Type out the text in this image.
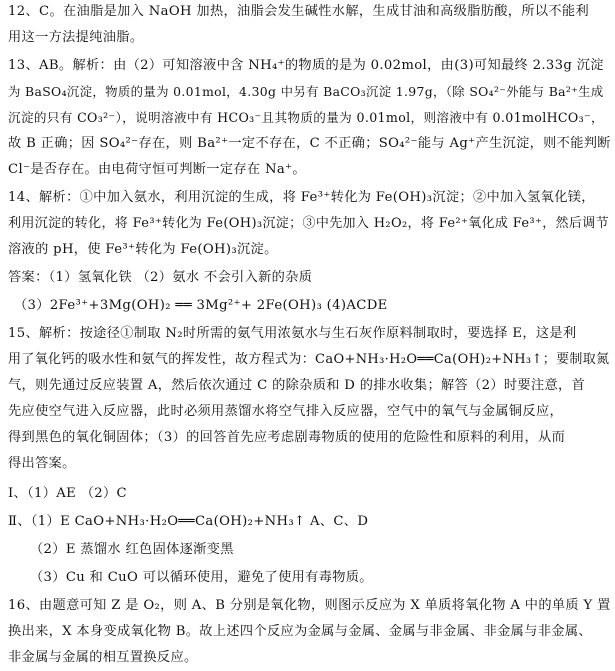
12、C。在油脂是加入 NaOH 加热，油脂会发生碱性水解，生成甘油和高级脂肪酸，所以不能利
用这一方法提纯油脂。
13、AB。解析：由（2）可知溶液中含 NH₄⁺的物质的是为 0.02mol，由(3)可知最终 2.33g 沉淀
为 BaSO₄沉淀，物质的量为 0.01mol，4.30g 中另有 BaCO₃沉淀 1.97g，（除 SO₄²⁻外能与 Ba²⁺生成
沉淀的只有 CO₃²⁻），说明溶液中有 HCO₃⁻且其物质的量为 0.01mol，则溶液中有 0.01molHCO₃⁻，
故 B 正确；因 SO₄²⁻存在，则 Ba²⁺一定不存在，C 不正确；SO₄²⁻能与 Ag⁺产生沉淀，则不能判断
Cl⁻是否存在。由电荷守恒可判断一定存在 Na⁺。
14、解析：①中加入氨水，利用沉淀的生成，将 Fe³⁺转化为 Fe(OH)₃沉淀；②中加入氢氧化镁，
利用沉淀的转化，将 Fe³⁺转化为 Fe(OH)₃沉淀；③中先加入 H₂O₂，将 Fe²⁺氧化成 Fe³⁺，然后调节
溶液的 pH，使 Fe³⁺转化为 Fe(OH)₃沉淀。
答案：（1）氢氧化铁 （2）氨水 不会引入新的杂质
（3）2Fe³⁺+3Mg(OH)₂ ══ 3Mg²⁺+ 2Fe(OH)₃ (4)ACDE
15、解析：按途径①制取 N₂时所需的氨气用浓氨水与生石灰作原料制取时，要选择 E，这是利
用了氧化钙的吸水性和氨气的挥发性，故方程式为：CaO+NH₃·H₂O══Ca(OH)₂+NH₃↑；要制取氮
气，则先通过反应装置 A，然后依次通过 C 的除杂质和 D 的排水收集；解答（2）时要注意，首
先应使空气进入反应器，此时必须用蒸馏水将空气排入反应器，空气中的氧气与金属铜反应，
得到黑色的氧化铜固体；（3）的回答首先应考虑剧毒物质的使用的危险性和原料的利用，从而
得出答案。
Ⅰ、（1）AE （2）C
Ⅱ、（1）E CaO+NH₃·H₂O══Ca(OH)₂+NH₃↑ A、C、D
（2）E 蒸馏水 红色固体逐渐变黑
（3）Cu 和 CuO 可以循环使用，避免了使用有毒物质。
16、由题意可知 Z 是 O₂，则 A、B 分别是氧化物，则图示反应为 X 单质将氧化物 A 中的单质 Y 置
换出来，X 本身变成氧化物 B。故上述四个反应为金属与金属、金属与非金属、非金属与非金属、
非金属与金属的相互置换反应。
